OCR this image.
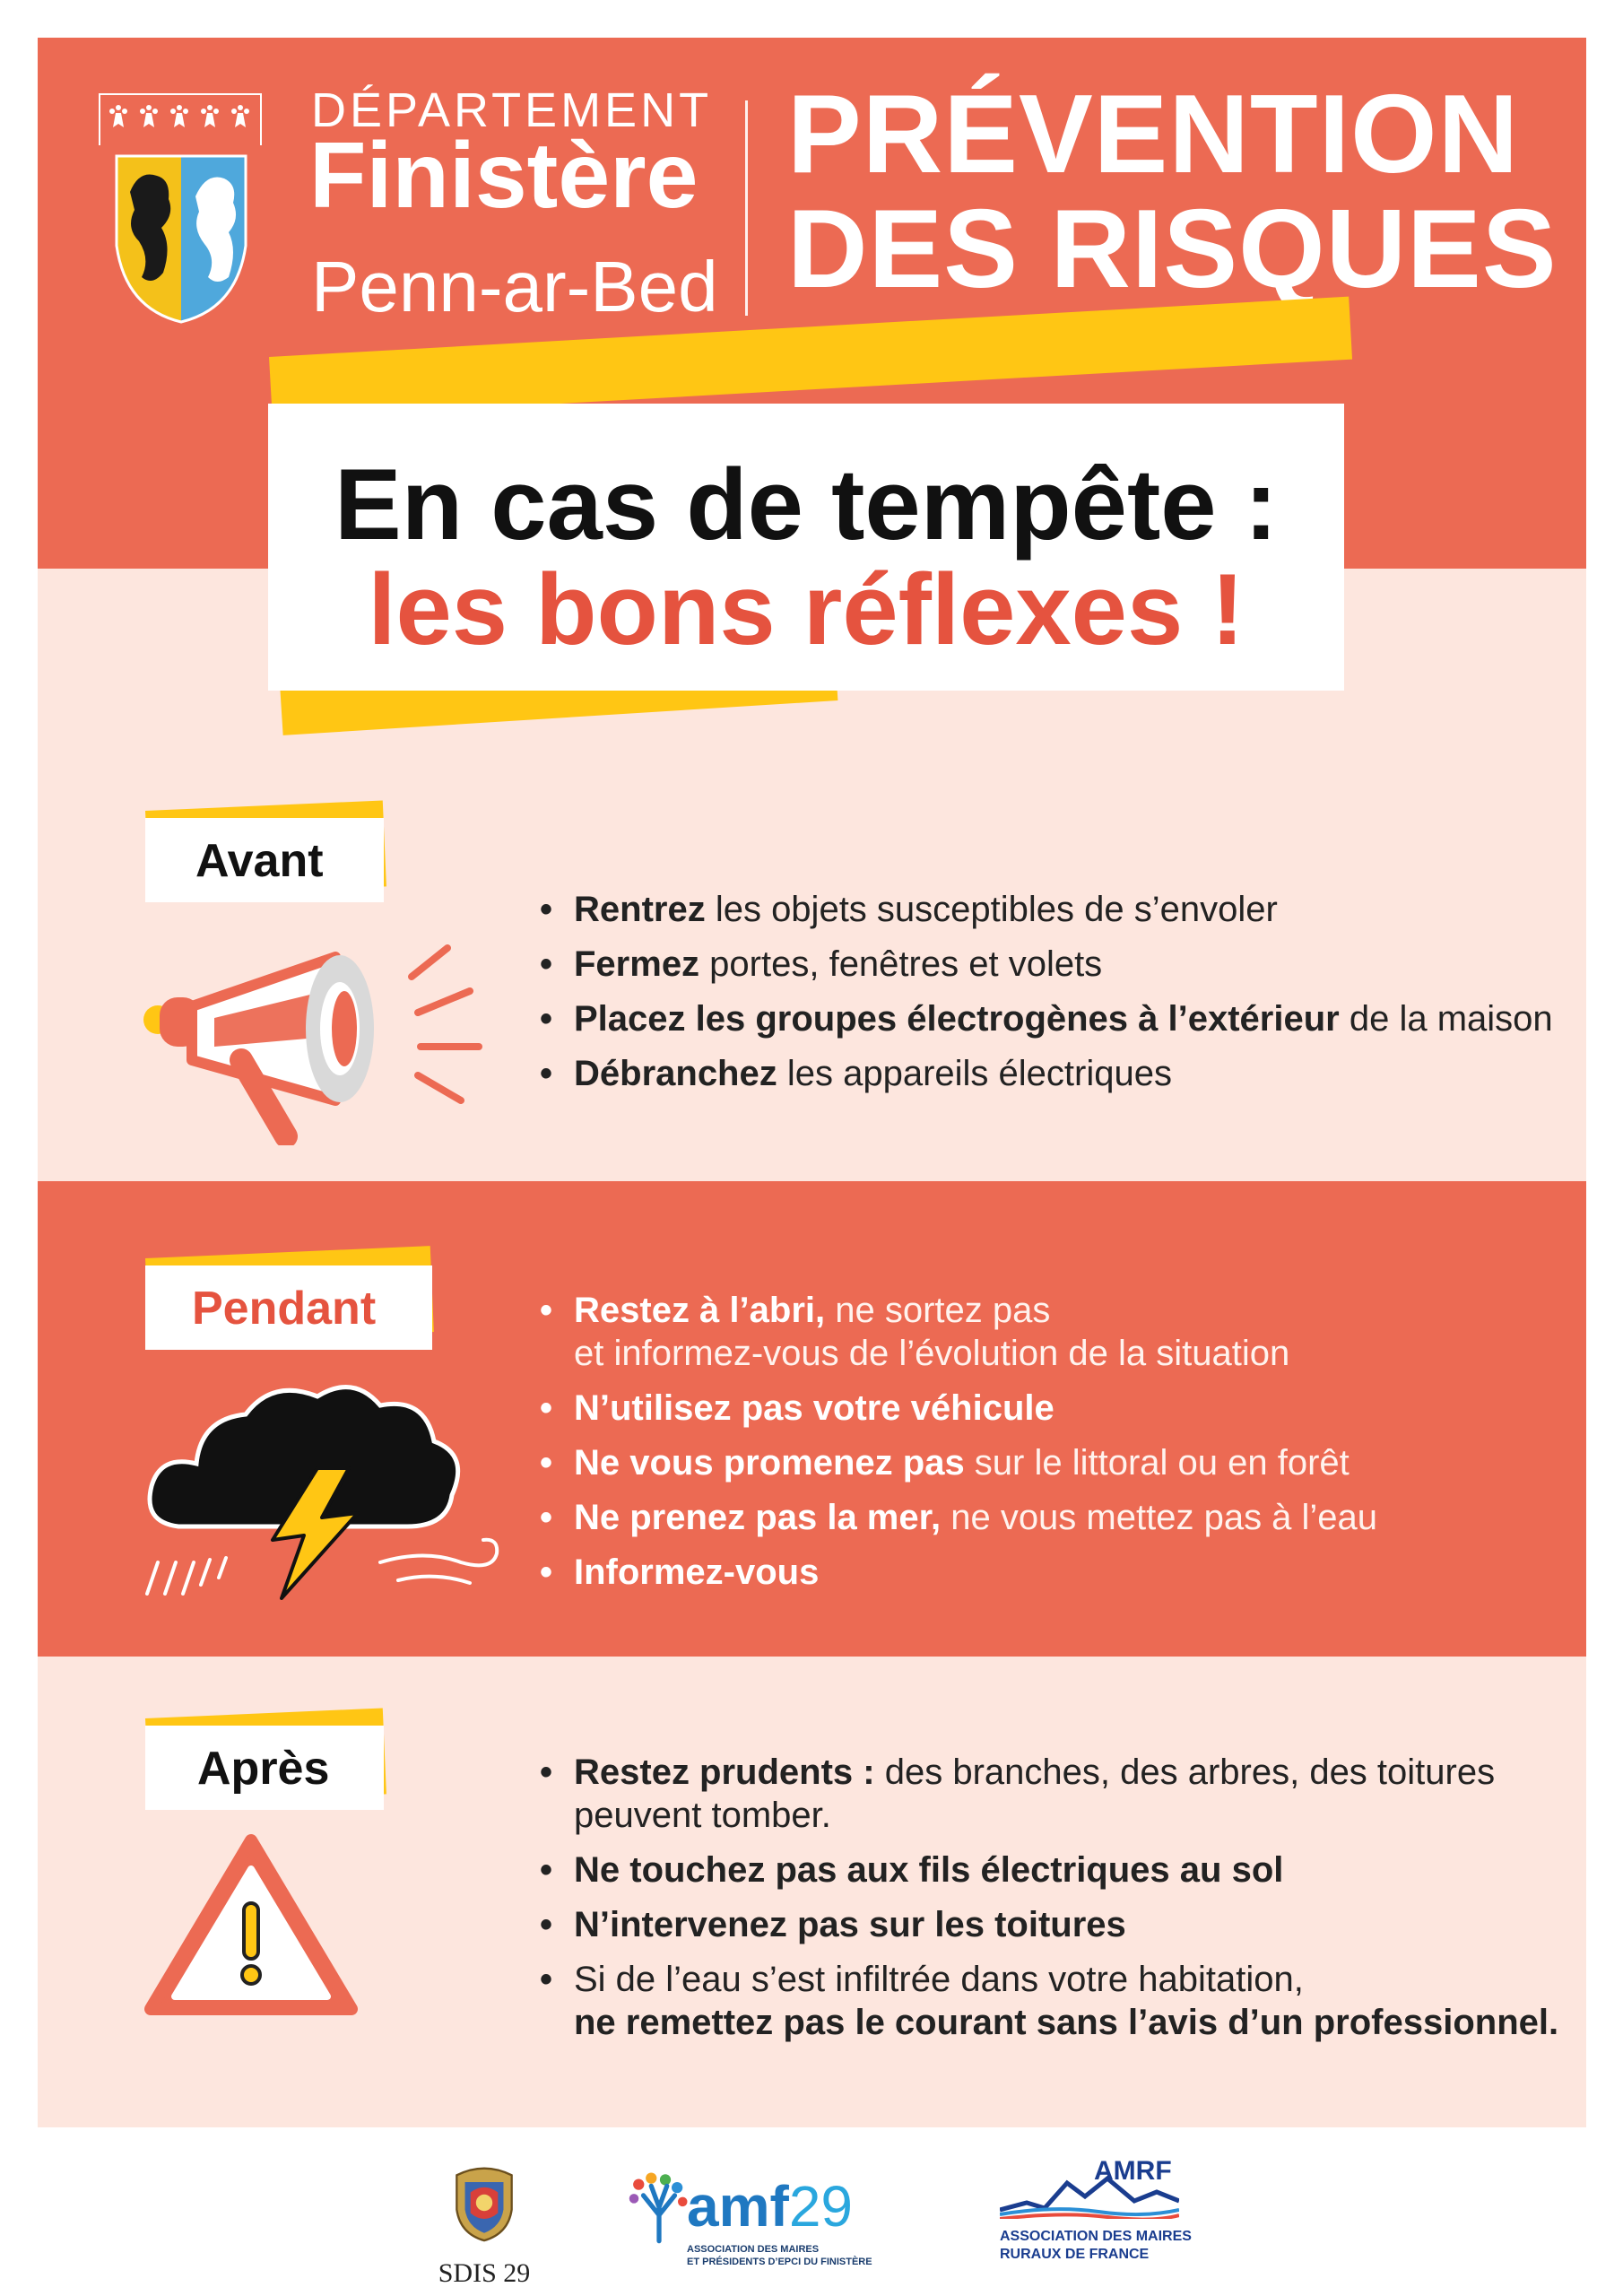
DÉPARTEMENT
Finistère
Penn-ar-Bed
PRÉVENTION
DES RISQUES
En cas de tempête :
les bons réflexes !
Avant
• Rentrez les objets susceptibles de s’envoler
• Fermez portes, fenêtres et volets
• Placez les groupes électrogènes à l’extérieur de la maison
• Débranchez les appareils électriques
Pendant	• Restez à l’abri, ne sortez pas
et informez-vous de l’évolution de la situation
• N’utilisez pas votre véhicule
• Ne vous promenez pas sur le littoral ou en forêt
• Ne prenez pas la mer, ne vous mettez pas à l’eau
• Informez-vous
Après	• Restez prudents : des branches, des arbres, des toitures
peuvent tomber.
• Ne touchez pas aux fils électriques au sol
• N’intervenez pas sur les toitures
• Si de l’eau s’est infiltrée dans votre habitation,
ne remettez pas le courant sans l’avis d’un professionnel.
SDIS 29
amf29
ASSOCIATION DES MAIRES
ET PRÉSIDENTS D’EPCI DU FINISTÈRE
AMRF
ASSOCIATION DES MAIRES
RURAUX DE FRANCE
